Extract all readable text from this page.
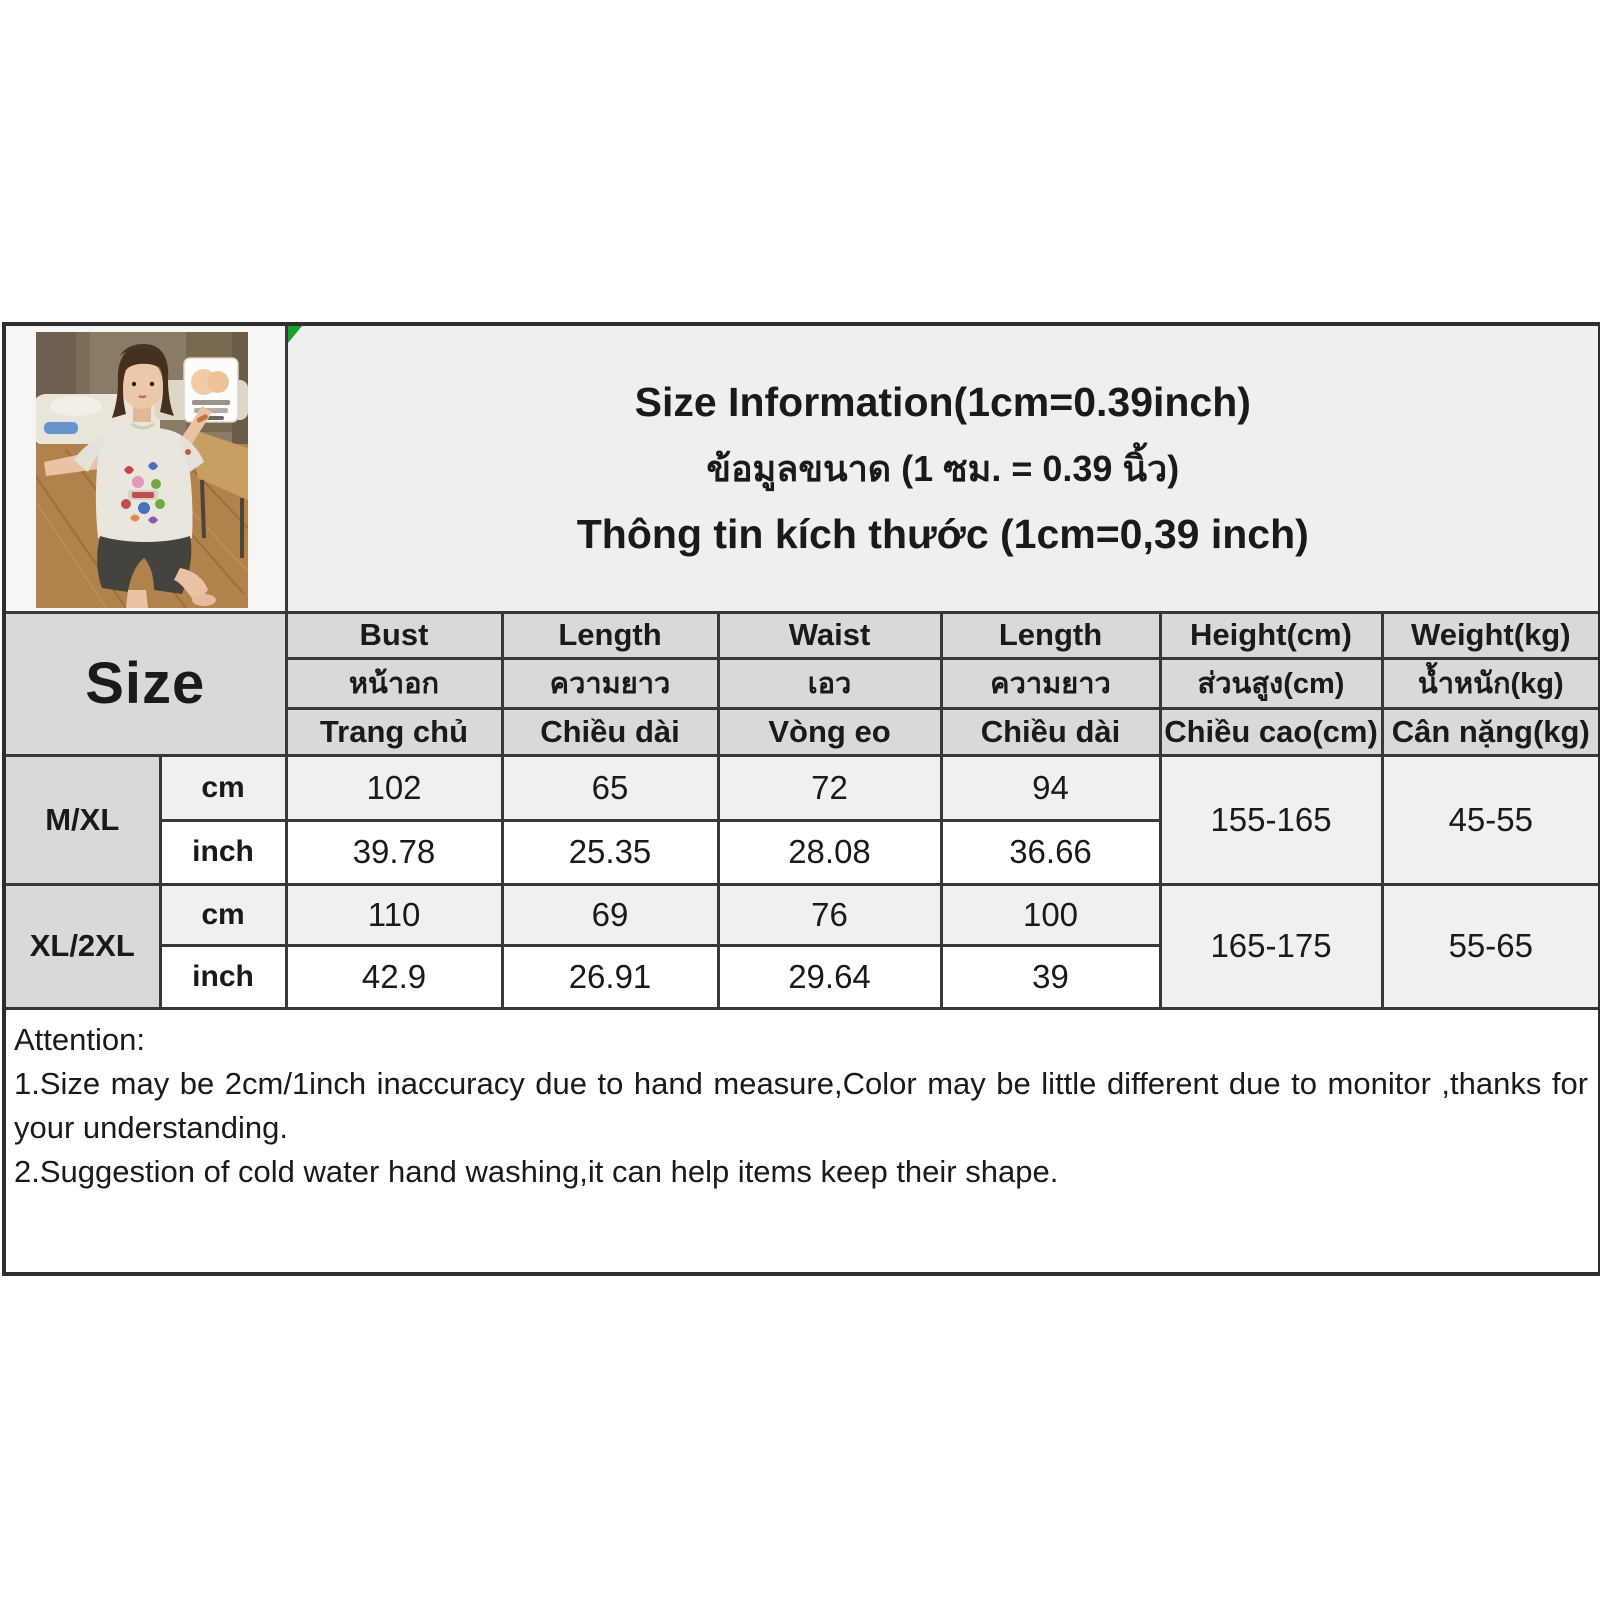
Size Information(1cm=0.39inch)
ข้อมูลขนาด (1 ซม. = 0.39 นิ้ว)
Thông tin kích thước (1cm=0,39 inch)					

Size		Bust	Length	Waist	Length	Height(cm)	Weight(kg)
		หน้าอก	ความยาว	เอว	ความยาว	ส่วนสูง(cm)	น้ำหนัก(kg)
		Trang chủ	Chiều dài	Vòng eo	Chiều dài	Chiều cao(cm)	Cân nặng(kg)
M/XL	cm	102	65	72	94	155-165	45-55
	inch	39.78	25.35	28.08	36.66		
XL/2XL	cm	110	69	76	100	165-175	55-65
	inch	42.9	26.91	29.64	39		

Attention:
1.Size may be 2cm/1inch inaccuracy due to hand measure,Color may be little different due to monitor ,thanks for your understanding.
2.Suggestion of cold water hand washing,it can help items keep their shape.							
